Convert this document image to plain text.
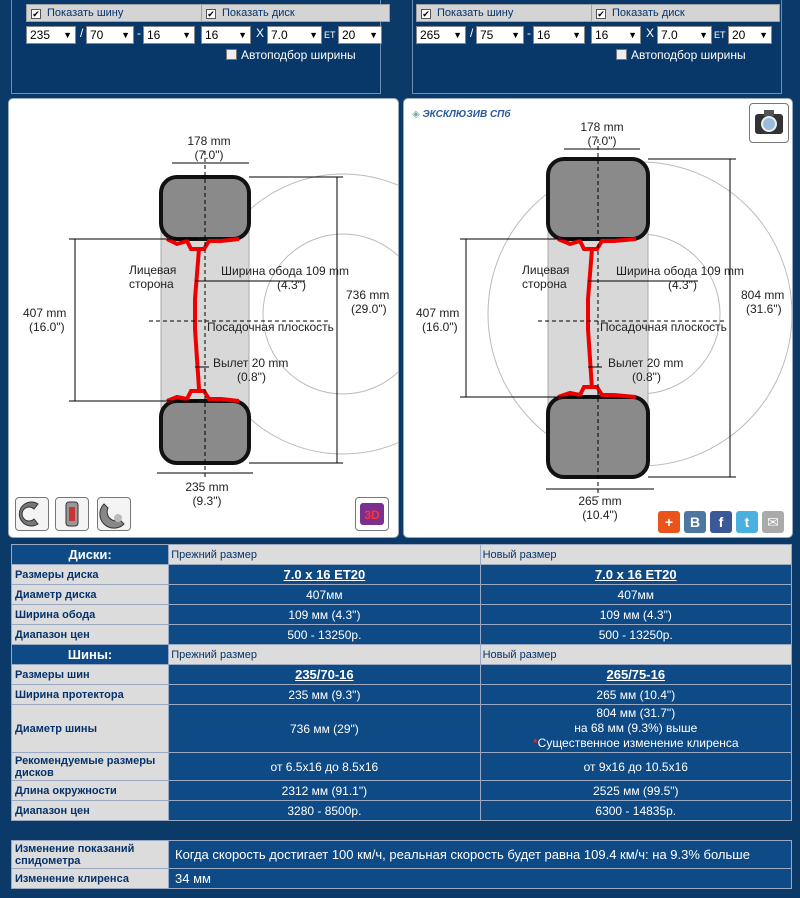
✔ Показать шину	✔ Показать диск
235 ▼	/ 70 ▼	- 16 ▼	16 ▼	X 7.0 ▼	ET 20 ▼
Автоподбор ширины
✔ Показать шину	✔ Показать диск
265 ▼	/ 75 ▼	- 16 ▼	16 ▼	X 7.0 ▼	ET 20 ▼
Автоподбор ширины
178 mm
(7.0")
Лицевая
сторона
Ширина обода 109 mm
(4.3")
407 mm
(16.0")
736 mm
(29.0")
Посадочная плоскость
Вылет 20 mm
(0.8")
235 mm
(9.3")
3D
◈ ЭКСКЛЮЗИВ СПб
178 mm
(7.0")
Лицевая
сторона
Ширина обода 109 mm
(4.3")
407 mm
(16.0")
804 mm
(31.6")
Посадочная плоскость
Вылет 20 mm
(0.8")
265 mm
(10.4")	+	B	f	t	✉
Диски:	Прежний размер	Новый размер
Размеры диска	7.0 x 16 ET20	7.0 x 16 ET20
Диаметр диска	407мм	407мм
Ширина обода	109 мм (4.3")	109 мм (4.3")
Диапазон цен	500 - 13250р.	500 - 13250р.
Шины:	Прежний размер	Новый размер
Размеры шин	235/70-16	265/75-16
Ширина протектора	235 мм (9.3")	265 мм (10.4")
Диаметр шины	736 мм (29")	804 мм (31.7")
на 68 мм (9.3%) выше
*Существенное изменение клиренса

Рекомендуемые размеры дисков	от 6.5x16 до 8.5x16	от 9x16 до 10.5x16
Длина окружности	2312 мм (91.1")	2525 мм (99.5")
Диапазон цен	3280 - 8500р.	6300 - 14835р.
Изменение показаний спидометра	Когда скорость достигает 100 км/ч, реальная скорость будет равна 109.4 км/ч: на 9.3% больше
Изменение клиренса	34 мм
